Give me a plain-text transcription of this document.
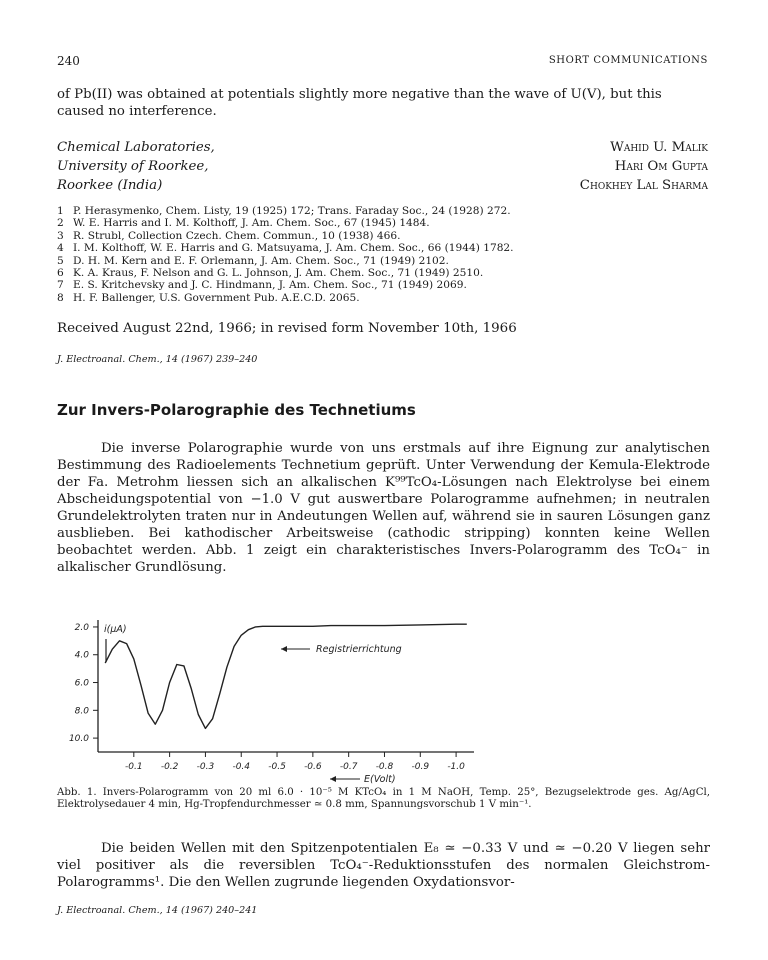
240	SHORT COMMUNICATIONS
of Pb(II) was obtained at potentials slightly more negative than the wave of U(V), but this caused no interference.
Chemical Laboratories,
University of Roorkee,
Roorkee (India)
Wahid U. Malik
Hari Om Gupta
Chokhey Lal Sharma
1 P. Herasymenko, Chem. Listy, 19 (1925) 172; Trans. Faraday Soc., 24 (1928) 272.
2 W. E. Harris and I. M. Kolthoff, J. Am. Chem. Soc., 67 (1945) 1484.
3 R. Strubl, Collection Czech. Chem. Commun., 10 (1938) 466.
4 I. M. Kolthoff, W. E. Harris and G. Matsuyama, J. Am. Chem. Soc., 66 (1944) 1782.
5 D. H. M. Kern and E. F. Orlemann, J. Am. Chem. Soc., 71 (1949) 2102.
6 K. A. Kraus, F. Nelson and G. L. Johnson, J. Am. Chem. Soc., 71 (1949) 2510.
7 E. S. Kritchevsky and J. C. Hindmann, J. Am. Chem. Soc., 71 (1949) 2069.
8 H. F. Ballenger, U.S. Government Pub. A.E.C.D. 2065.
Received August 22nd, 1966; in revised form November 10th, 1966
J. Electroanal. Chem., 14 (1967) 239–240
Zur Invers-Polarographie des Technetiums

Die inverse Polarographie wurde von uns erstmals auf ihre Eignung zur analytischen Bestimmung des Radioelements Technetium geprüft. Unter Verwendung der Kemula-Elektrode der Fa. Metrohm liessen sich an alkalischen K⁹⁹TcO₄-Lösungen nach Elektrolyse bei einem Abscheidungspotential von −1.0 V gut auswertbare Polarogramme aufnehmen; in neutralen Grundelektrolyten traten nur in Andeutungen Wellen auf, während sie in sauren Lösungen ganz ausblieben. Bei kathodischer Arbeitsweise (cathodic stripping) konnten keine Wellen beobachtet werden. Abb. 1 zeigt ein charakteristisches Invers-Polarogramm des TcO₄⁻ in alkalischer Grundlösung.

2.0
4.0
6.0
8.0
10.0
-0.1 -0.2 -0.3 -0.4 -0.5 -0.6 -0.7 -0.8 -0.9 -1.0
i(µA)
E(Volt)
Registrierrichtung
Abb. 1. Invers-Polarogramm von 20 ml 6.0 · 10⁻⁵ M KTcO₄ in 1 M NaOH, Temp. 25°, Bezugselektrode ges. Ag/AgCl, Elektrolysedauer 4 min, Hg-Tropfendurchmesser ≃ 0.8 mm, Spannungsvorschub 1 V min⁻¹.

Die beiden Wellen mit den Spitzenpotentialen E₈ ≃ −0.33 V und ≃ −0.20 V liegen sehr viel positiver als die reversiblen TcO₄⁻-Reduktionsstufen des normalen Gleichstrom-Polarogramms¹. Die den Wellen zugrunde liegenden Oxydationsvor-

J. Electroanal. Chem., 14 (1967) 240–241
